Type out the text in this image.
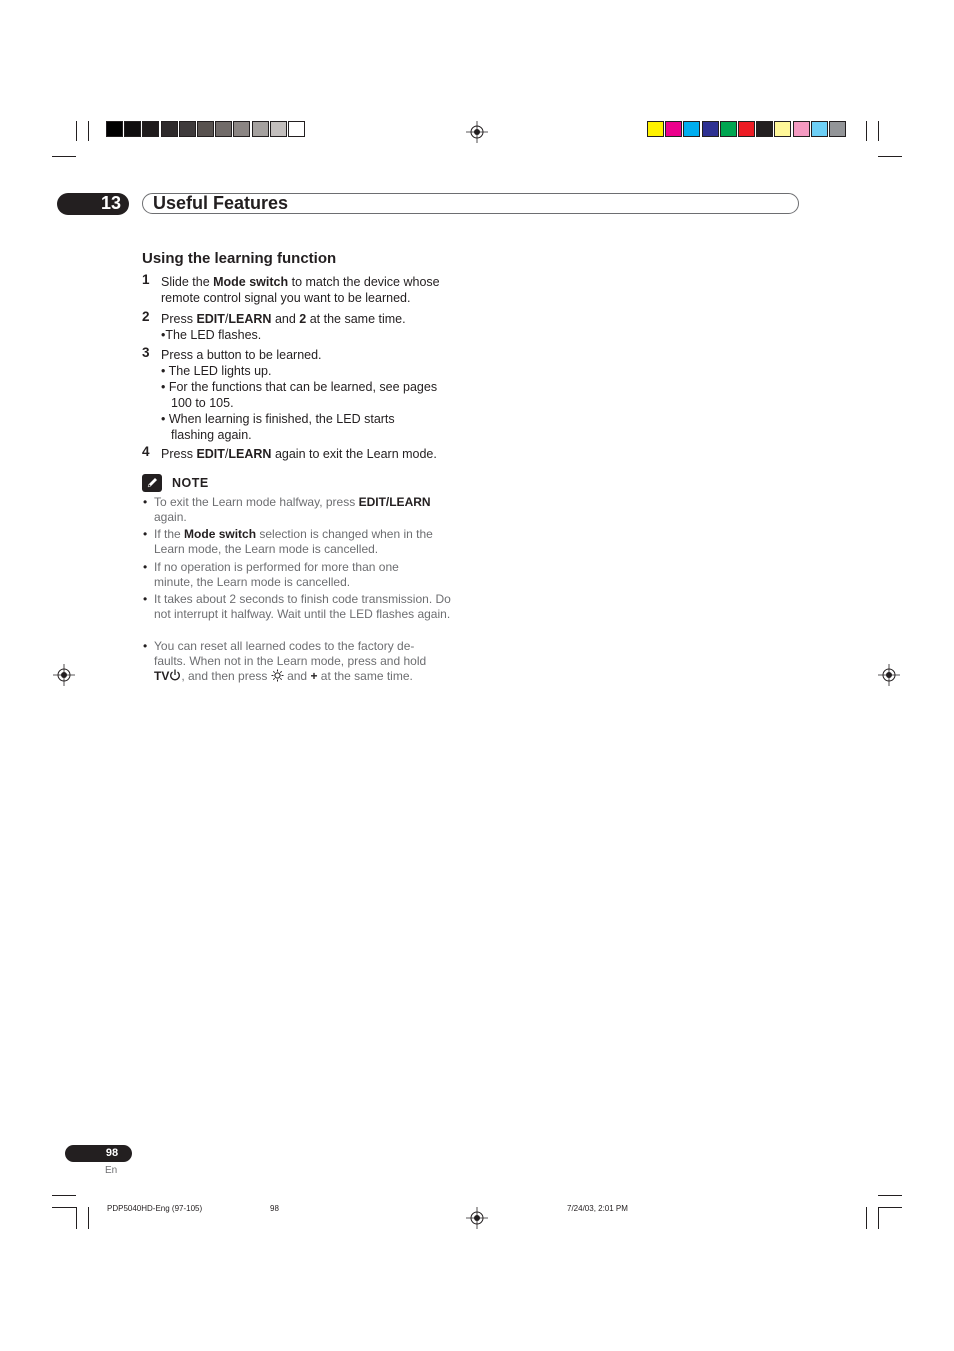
13 Useful Features
Using the learning function
1 Slide the Mode switch to match the device whose
remote control signal you want to be learned.
2 Press EDIT/LEARN and 2 at the same time.
•The LED flashes.
3 Press a button to be learned.
• The LED lights up.
• For the functions that can be learned, see pages 100 to 105.
• When learning is finished, the LED starts flashing again.
4 Press EDIT/LEARN again to exit the Learn mode.
NOTE
• To exit the Learn mode halfway, press EDIT/LEARN
again.
• If the Mode switch selection is changed when in the Learn mode, the Learn mode is cancelled.
• If no operation is performed for more than one minute, the Learn mode is cancelled.
• It takes about 2 seconds to finish code transmission. Do not interrupt it halfway. Wait until the LED flashes again.
• You can reset all learned codes to the factory de-
faults. When not in the Learn mode, press and hold
TV , and then press  and + at the same time.
98
En
PDP5040HD-Eng (97-105)	98	7/24/03, 2:01 PM
